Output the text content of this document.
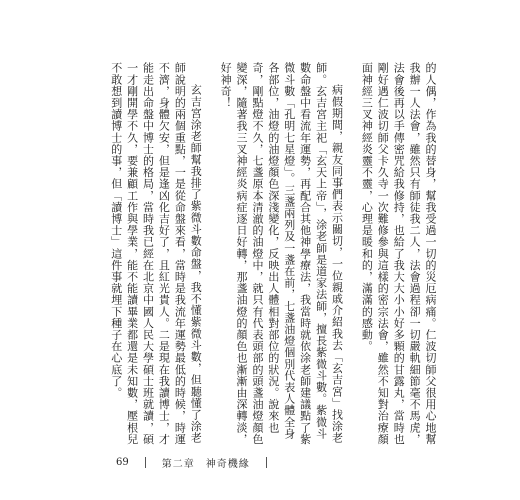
的人偶，作為我的替身，幫我受過一切的災厄病痛。仁波切師父很用心地幫我辦一人法會，雖然只有師徒我二人，法會過程卻一切嚴軌細節毫不馬虎，法會後再以手傳密咒給我修持，也給了我大大小小好多顆的甘露丸，當時也剛好遇仁波切師父卡久寺一次難修參與這樣的密宗法會，雖然不知對治療顏面神經三叉神經炎靈不靈，心理是暖和的，滿滿的感動。

病假期間，親友同事們表示關切，一位親戚介紹我去「玄吉宮」找涂老師。玄吉宮主祀「玄天上帝」，涂老師是道家法師，擅長紫微斗數。紫微斗數命盤中看流年運勢，再配合其他神學療法，我當時就依涂老師建議點了紫微斗數「孔明七星燈」。三盞兩列及一盞在前，七盞油燈個別代表人體全身各部位，油燈的油燈顏色深淺變化，反映出人體相對部位的狀況。說來也奇，剛點燈不久，七盞原本清澈的油燈中，就只有代表頭部的頭盞油燈顏色變深，隨著我三叉神經炎病症逐日好轉，那盞油燈的顏色也漸漸由深轉淡，好神奇！

玄吉宮涂老師幫我排了紫微斗數命盤，我不懂紫微斗數，但聽懂了涂老師說明的兩個重點，一是從命盤來看，當時是我流年運勢最低的時候，時運不濟，身體欠安，但是逢凶化吉好了，且紅光貴人。二是現在我讀博士，才能走出命盤中博士的格局，當時我已經在北京中國人民大學碩士班就讀，碩一才剛開學不久，要兼顧工作與學業，能不能讀畢業都還是未知數，壓根兒不敢想到讀博士的事，但「讀博士」這件事就埋下種子在心底了。

69	第二章　神奇機緣
